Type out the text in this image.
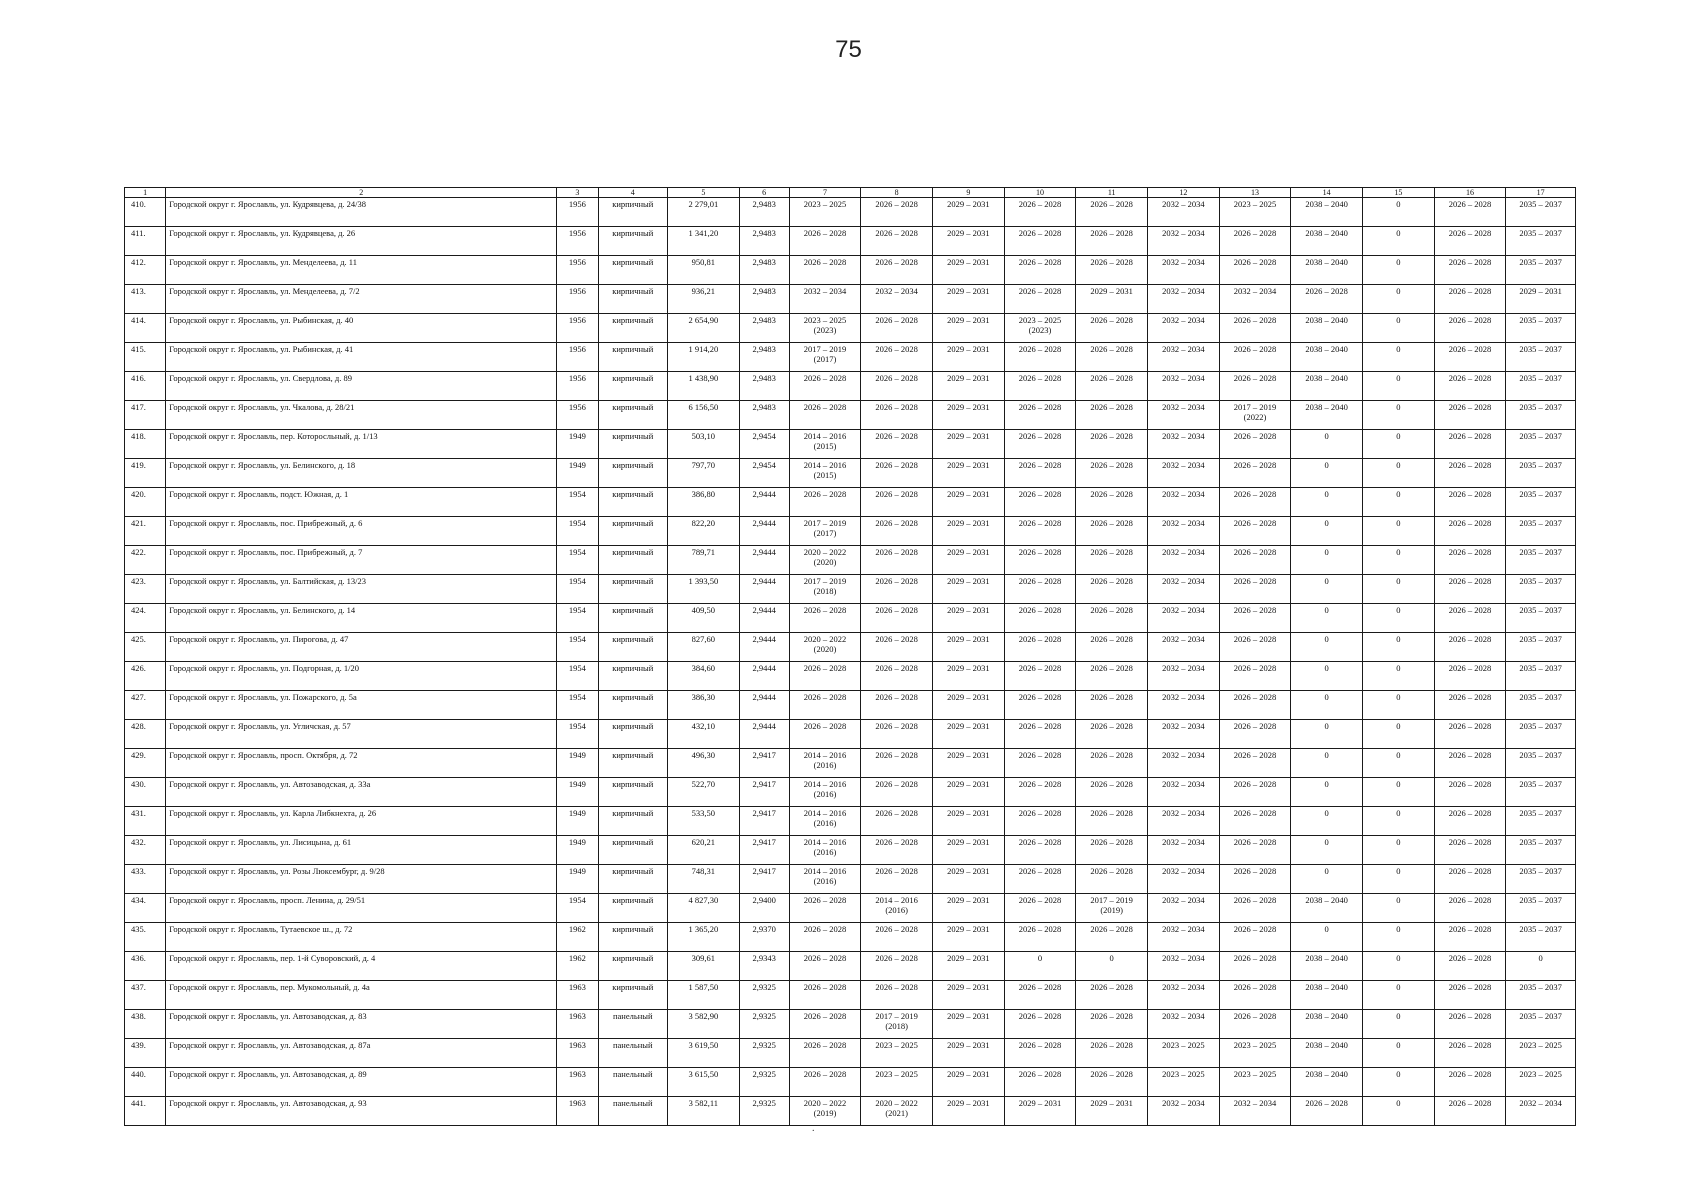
75
1	2	3	4	5	6	7	8	9	10	11	12	13	14	15	16	17

410.	Городской округ г. Ярославль, ул. Кудрявцева, д. 24/38	1956	кирпичный	2 279,01	2,9483	2023 – 2025	2026 – 2028	2029 – 2031	2026 – 2028	2026 – 2028	2032 – 2034	2023 – 2025	2038 – 2040	0	2026 – 2028	2035 – 2037

411.	Городской округ г. Ярославль, ул. Кудрявцева, д. 26	1956	кирпичный	1 341,20	2,9483	2026 – 2028	2026 – 2028	2029 – 2031	2026 – 2028	2026 – 2028	2032 – 2034	2026 – 2028	2038 – 2040	0	2026 – 2028	2035 – 2037

412.	Городской округ г. Ярославль, ул. Менделеева, д. 11	1956	кирпичный	950,81	2,9483	2026 – 2028	2026 – 2028	2029 – 2031	2026 – 2028	2026 – 2028	2032 – 2034	2026 – 2028	2038 – 2040	0	2026 – 2028	2035 – 2037

413.	Городской округ г. Ярославль, ул. Менделеева, д. 7/2	1956	кирпичный	936,21	2,9483	2032 – 2034	2032 – 2034	2029 – 2031	2026 – 2028	2029 – 2031	2032 – 2034	2032 – 2034	2026 – 2028	0	2026 – 2028	2029 – 2031

414.	Городской округ г. Ярославль, ул. Рыбинская, д. 40	1956	кирпичный	2 654,90	2,9483	2023 – 2025
(2023)	2026 – 2028	2029 – 2031	2023 – 2025
(2023)	2026 – 2028	2032 – 2034	2026 – 2028	2038 – 2040	0	2026 – 2028	2035 – 2037

415.	Городской округ г. Ярославль, ул. Рыбинская, д. 41	1956	кирпичный	1 914,20	2,9483	2017 – 2019
(2017)	2026 – 2028	2029 – 2031	2026 – 2028	2026 – 2028	2032 – 2034	2026 – 2028	2038 – 2040	0	2026 – 2028	2035 – 2037

416.	Городской округ г. Ярославль, ул. Свердлова, д. 89	1956	кирпичный	1 438,90	2,9483	2026 – 2028	2026 – 2028	2029 – 2031	2026 – 2028	2026 – 2028	2032 – 2034	2026 – 2028	2038 – 2040	0	2026 – 2028	2035 – 2037

417.	Городской округ г. Ярославль, ул. Чкалова, д. 28/21	1956	кирпичный	6 156,50	2,9483	2026 – 2028	2026 – 2028	2029 – 2031	2026 – 2028	2026 – 2028	2032 – 2034	2017 – 2019
(2022)	2038 – 2040	0	2026 – 2028	2035 – 2037

418.	Городской округ г. Ярославль, пер. Которосльный, д. 1/13	1949	кирпичный	503,10	2,9454	2014 – 2016
(2015)	2026 – 2028	2029 – 2031	2026 – 2028	2026 – 2028	2032 – 2034	2026 – 2028	0	0	2026 – 2028	2035 – 2037

419.	Городской округ г. Ярославль, ул. Белинского, д. 18	1949	кирпичный	797,70	2,9454	2014 – 2016
(2015)	2026 – 2028	2029 – 2031	2026 – 2028	2026 – 2028	2032 – 2034	2026 – 2028	0	0	2026 – 2028	2035 – 2037

420.	Городской округ г. Ярославль, подст. Южная, д. 1	1954	кирпичный	386,80	2,9444	2026 – 2028	2026 – 2028	2029 – 2031	2026 – 2028	2026 – 2028	2032 – 2034	2026 – 2028	0	0	2026 – 2028	2035 – 2037

421.	Городской округ г. Ярославль, пос. Прибрежный, д. 6	1954	кирпичный	822,20	2,9444	2017 – 2019
(2017)	2026 – 2028	2029 – 2031	2026 – 2028	2026 – 2028	2032 – 2034	2026 – 2028	0	0	2026 – 2028	2035 – 2037

422.	Городской округ г. Ярославль, пос. Прибрежный, д. 7	1954	кирпичный	789,71	2,9444	2020 – 2022
(2020)	2026 – 2028	2029 – 2031	2026 – 2028	2026 – 2028	2032 – 2034	2026 – 2028	0	0	2026 – 2028	2035 – 2037

423.	Городской округ г. Ярославль, ул. Балтийская, д. 13/23	1954	кирпичный	1 393,50	2,9444	2017 – 2019
(2018)	2026 – 2028	2029 – 2031	2026 – 2028	2026 – 2028	2032 – 2034	2026 – 2028	0	0	2026 – 2028	2035 – 2037

424.	Городской округ г. Ярославль, ул. Белинского, д. 14	1954	кирпичный	409,50	2,9444	2026 – 2028	2026 – 2028	2029 – 2031	2026 – 2028	2026 – 2028	2032 – 2034	2026 – 2028	0	0	2026 – 2028	2035 – 2037

425.	Городской округ г. Ярославль, ул. Пирогова, д. 47	1954	кирпичный	827,60	2,9444	2020 – 2022
(2020)	2026 – 2028	2029 – 2031	2026 – 2028	2026 – 2028	2032 – 2034	2026 – 2028	0	0	2026 – 2028	2035 – 2037

426.	Городской округ г. Ярославль, ул. Подгорная, д. 1/20	1954	кирпичный	384,60	2,9444	2026 – 2028	2026 – 2028	2029 – 2031	2026 – 2028	2026 – 2028	2032 – 2034	2026 – 2028	0	0	2026 – 2028	2035 – 2037

427.	Городской округ г. Ярославль, ул. Пожарского, д. 5а	1954	кирпичный	386,30	2,9444	2026 – 2028	2026 – 2028	2029 – 2031	2026 – 2028	2026 – 2028	2032 – 2034	2026 – 2028	0	0	2026 – 2028	2035 – 2037

428.	Городской округ г. Ярославль, ул. Угличская, д. 57	1954	кирпичный	432,10	2,9444	2026 – 2028	2026 – 2028	2029 – 2031	2026 – 2028	2026 – 2028	2032 – 2034	2026 – 2028	0	0	2026 – 2028	2035 – 2037

429.	Городской округ г. Ярославль, просп. Октября, д. 72	1949	кирпичный	496,30	2,9417	2014 – 2016
(2016)	2026 – 2028	2029 – 2031	2026 – 2028	2026 – 2028	2032 – 2034	2026 – 2028	0	0	2026 – 2028	2035 – 2037

430.	Городской округ г. Ярославль, ул. Автозаводская, д. 33а	1949	кирпичный	522,70	2,9417	2014 – 2016
(2016)	2026 – 2028	2029 – 2031	2026 – 2028	2026 – 2028	2032 – 2034	2026 – 2028	0	0	2026 – 2028	2035 – 2037

431.	Городской округ г. Ярославль, ул. Карла Либкнехта, д. 26	1949	кирпичный	533,50	2,9417	2014 – 2016
(2016)	2026 – 2028	2029 – 2031	2026 – 2028	2026 – 2028	2032 – 2034	2026 – 2028	0	0	2026 – 2028	2035 – 2037

432.	Городской округ г. Ярославль, ул. Лисицына, д. 61	1949	кирпичный	620,21	2,9417	2014 – 2016
(2016)	2026 – 2028	2029 – 2031	2026 – 2028	2026 – 2028	2032 – 2034	2026 – 2028	0	0	2026 – 2028	2035 – 2037

433.	Городской округ г. Ярославль, ул. Розы Люксембург, д. 9/28	1949	кирпичный	748,31	2,9417	2014 – 2016
(2016)	2026 – 2028	2029 – 2031	2026 – 2028	2026 – 2028	2032 – 2034	2026 – 2028	0	0	2026 – 2028	2035 – 2037

434.	Городской округ г. Ярославль, просп. Ленина, д. 29/51	1954	кирпичный	4 827,30	2,9400	2026 – 2028	2014 – 2016
(2016)	2029 – 2031	2026 – 2028	2017 – 2019
(2019)	2032 – 2034	2026 – 2028	2038 – 2040	0	2026 – 2028	2035 – 2037

435.	Городской округ г. Ярославль, Тутаевское ш., д. 72	1962	кирпичный	1 365,20	2,9370	2026 – 2028	2026 – 2028	2029 – 2031	2026 – 2028	2026 – 2028	2032 – 2034	2026 – 2028	0	0	2026 – 2028	2035 – 2037

436.	Городской округ г. Ярославль, пер. 1-й Суворовский, д. 4	1962	кирпичный	309,61	2,9343	2026 – 2028	2026 – 2028	2029 – 2031	0	0	2032 – 2034	2026 – 2028	2038 – 2040	0	2026 – 2028	0

437.	Городской округ г. Ярославль, пер. Мукомольный, д. 4а	1963	кирпичный	1 587,50	2,9325	2026 – 2028	2026 – 2028	2029 – 2031	2026 – 2028	2026 – 2028	2032 – 2034	2026 – 2028	2038 – 2040	0	2026 – 2028	2035 – 2037

438.	Городской округ г. Ярославль, ул. Автозаводская, д. 83	1963	панельный	3 582,90	2,9325	2026 – 2028	2017 – 2019
(2018)	2029 – 2031	2026 – 2028	2026 – 2028	2032 – 2034	2026 – 2028	2038 – 2040	0	2026 – 2028	2035 – 2037

439.	Городской округ г. Ярославль, ул. Автозаводская, д. 87а	1963	панельный	3 619,50	2,9325	2026 – 2028	2023 – 2025	2029 – 2031	2026 – 2028	2026 – 2028	2023 – 2025	2023 – 2025	2038 – 2040	0	2026 – 2028	2023 – 2025

440.	Городской округ г. Ярославль, ул. Автозаводская, д. 89	1963	панельный	3 615,50	2,9325	2026 – 2028	2023 – 2025	2029 – 2031	2026 – 2028	2026 – 2028	2023 – 2025	2023 – 2025	2038 – 2040	0	2026 – 2028	2023 – 2025

441.	Городской округ г. Ярославль, ул. Автозаводская, д. 93	1963	панельный	3 582,11	2,9325	2020 – 2022
(2019)	2020 – 2022
(2021)	2029 – 2031	2029 – 2031	2029 – 2031	2032 – 2034	2032 – 2034	2026 – 2028	0	2026 – 2028	2032 – 2034
.
